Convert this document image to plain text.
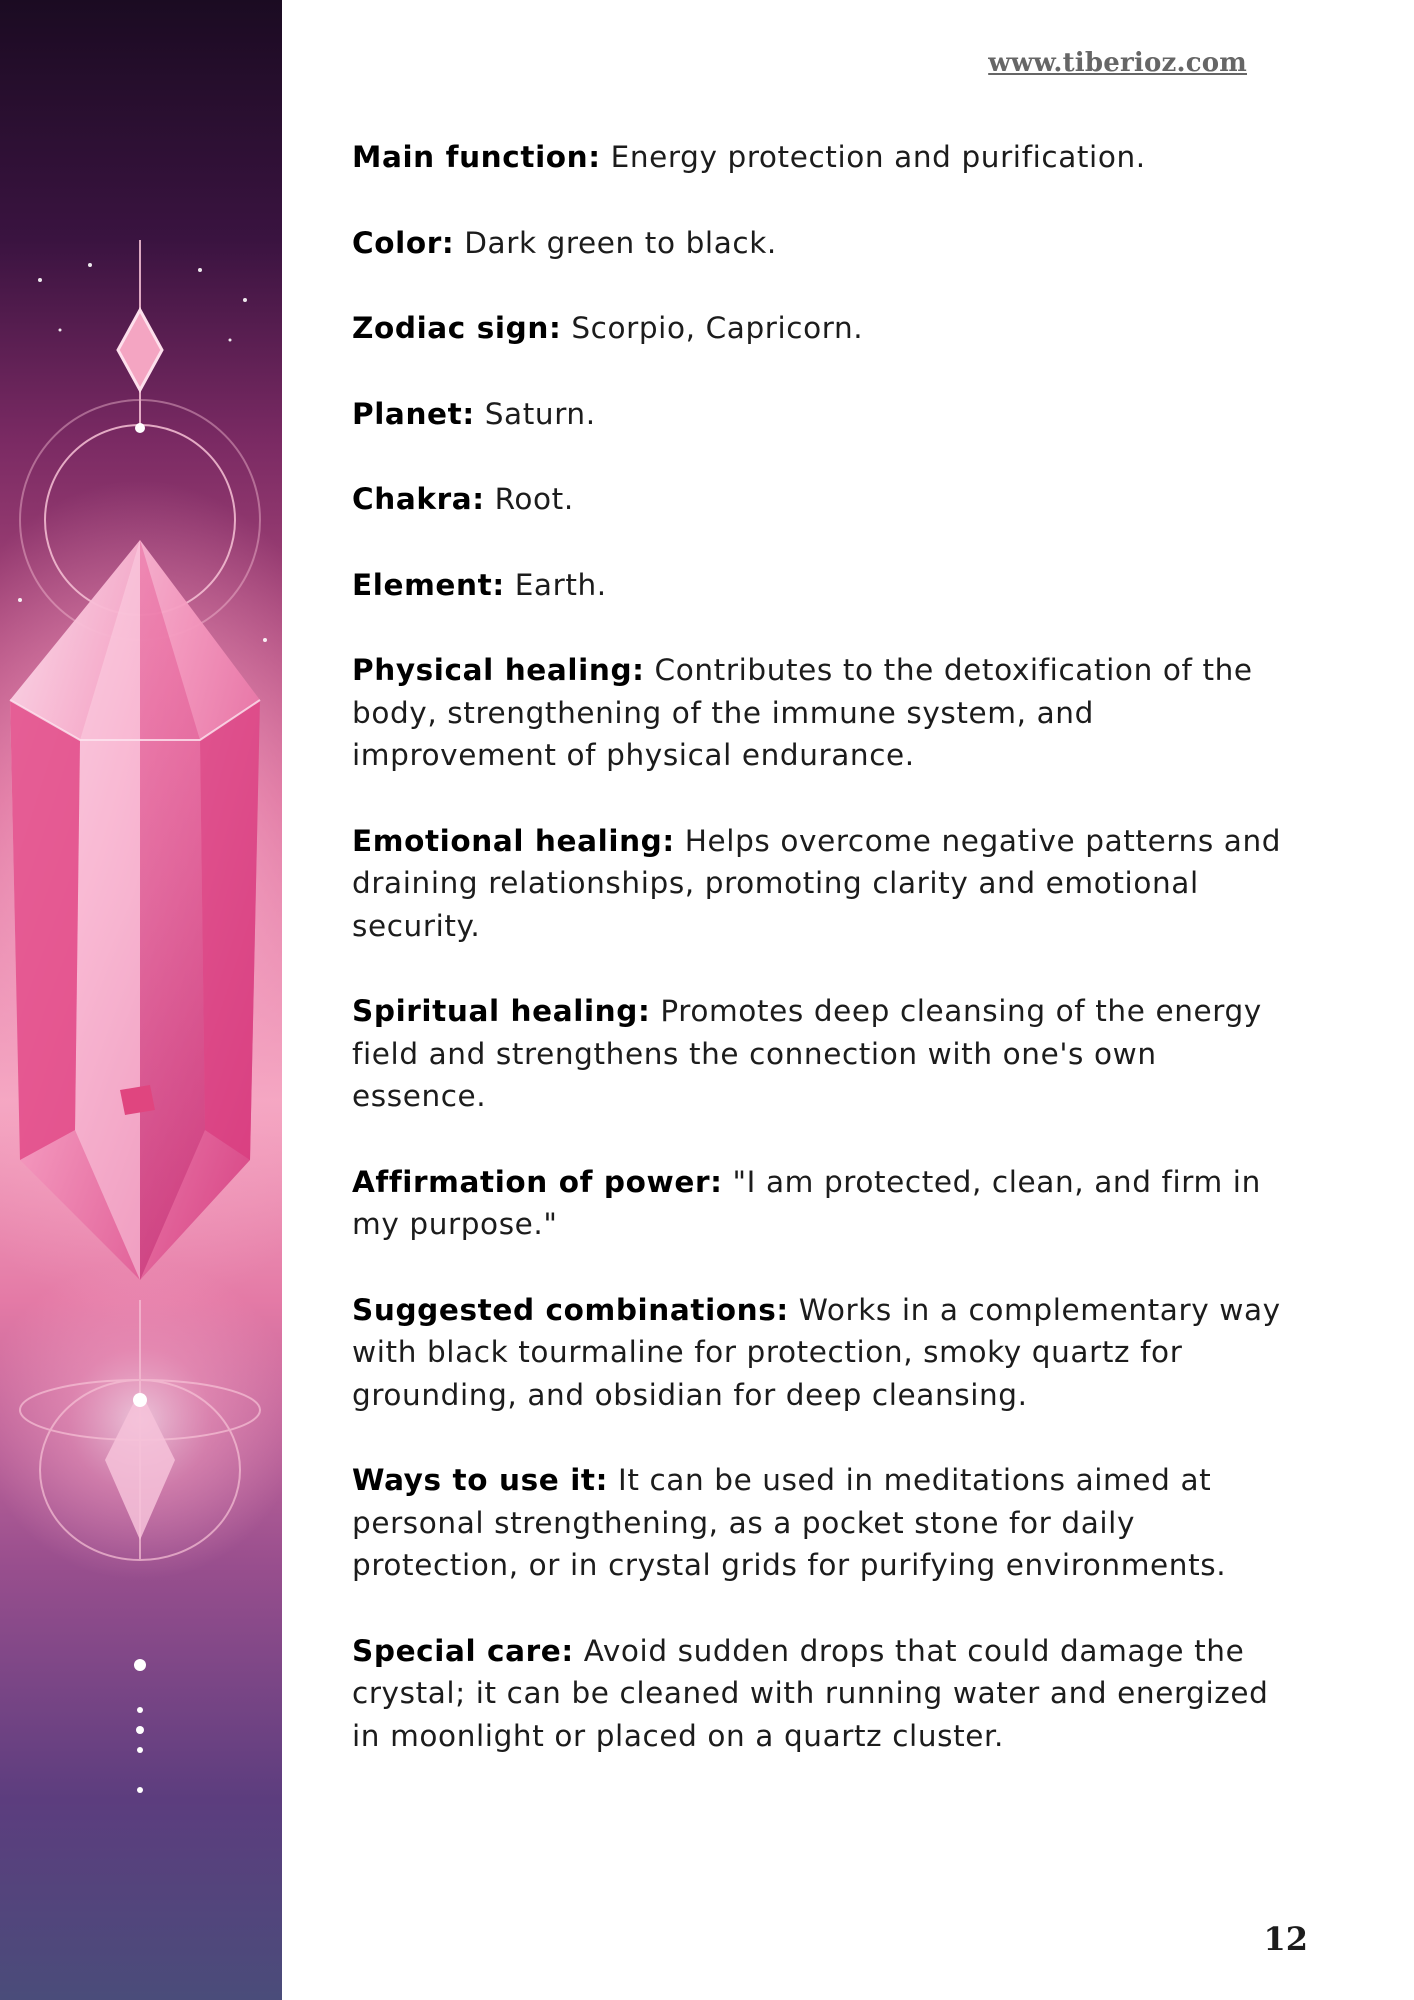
www.tiberioz.com

Main function: Energy protection and purification.

Color: Dark green to black.

Zodiac sign: Scorpio, Capricorn.

Planet: Saturn.

Chakra: Root.

Element: Earth.

Physical healing: Contributes to the detoxification of the body, strengthening of the immune system, and improvement of physical endurance.

Emotional healing: Helps overcome negative patterns and draining relationships, promoting clarity and emotional security.

Spiritual healing: Promotes deep cleansing of the energy field and strengthens the connection with one's own essence.

Affirmation of power: "I am protected, clean, and firm in my purpose."

Suggested combinations: Works in a complementary way with black tourmaline for protection, smoky quartz for grounding, and obsidian for deep cleansing.

Ways to use it: It can be used in meditations aimed at personal strengthening, as a pocket stone for daily protection, or in crystal grids for purifying environments.

Special care: Avoid sudden drops that could damage the crystal; it can be cleaned with running water and energized in moonlight or placed on a quartz cluster.

12
